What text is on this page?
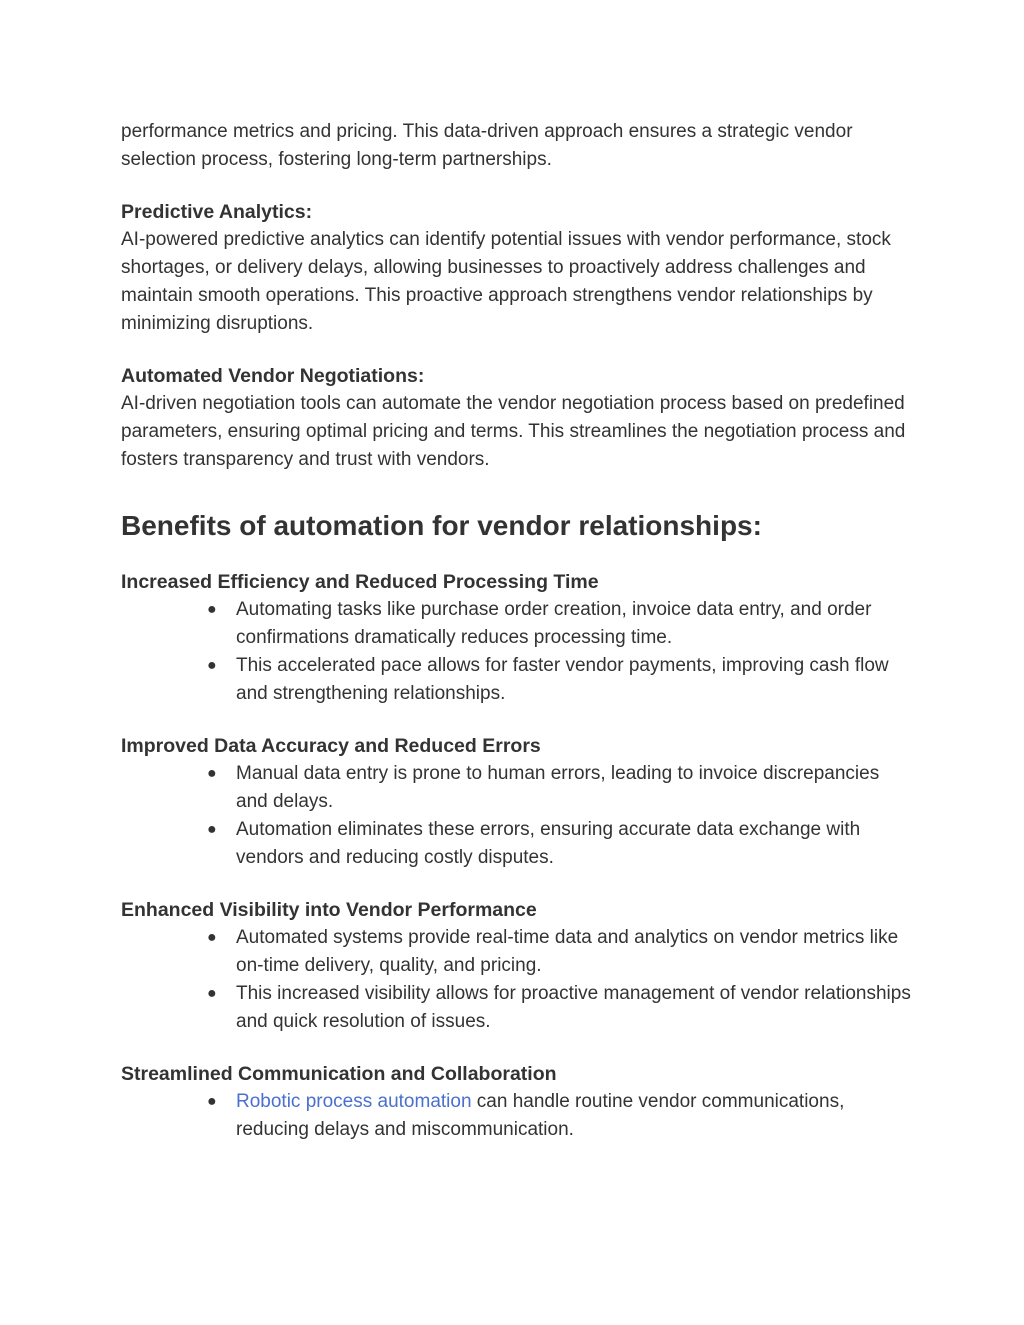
performance metrics and pricing. This data-driven approach ensures a strategic vendor selection process, fostering long-term partnerships.

Predictive Analytics:

AI-powered predictive analytics can identify potential issues with vendor performance, stock shortages, or delivery delays, allowing businesses to proactively address challenges and maintain smooth operations. This proactive approach strengthens vendor relationships by minimizing disruptions.

Automated Vendor Negotiations:

AI-driven negotiation tools can automate the vendor negotiation process based on predefined parameters, ensuring optimal pricing and terms. This streamlines the negotiation process and fosters transparency and trust with vendors.

Benefits of automation for vendor relationships:

Increased Efficiency and Reduced Processing Time

● Automating tasks like purchase order creation, invoice data entry, and order confirmations dramatically reduces processing time.
● This accelerated pace allows for faster vendor payments, improving cash flow and strengthening relationships.

Improved Data Accuracy and Reduced Errors

● Manual data entry is prone to human errors, leading to invoice discrepancies and delays.
● Automation eliminates these errors, ensuring accurate data exchange with vendors and reducing costly disputes.

Enhanced Visibility into Vendor Performance

● Automated systems provide real-time data and analytics on vendor metrics like on-time delivery, quality, and pricing.
● This increased visibility allows for proactive management of vendor relationships and quick resolution of issues.

Streamlined Communication and Collaboration

● Robotic process automation can handle routine vendor communications, reducing delays and miscommunication.
